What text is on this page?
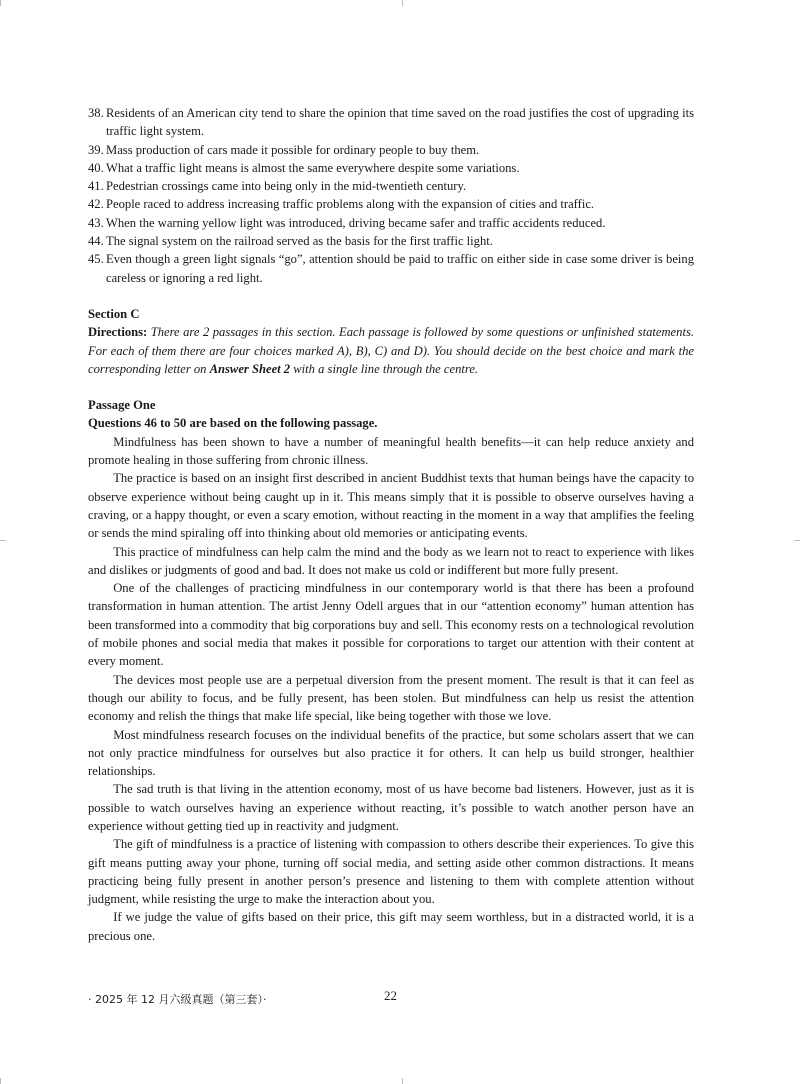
38. Residents of an American city tend to share the opinion that time saved on the road justifies the cost of upgrading its traffic light system.
39. Mass production of cars made it possible for ordinary people to buy them.
40. What a traffic light means is almost the same everywhere despite some variations.
41. Pedestrian crossings came into being only in the mid-twentieth century.
42. People raced to address increasing traffic problems along with the expansion of cities and traffic.
43. When the warning yellow light was introduced, driving became safer and traffic accidents reduced.
44. The signal system on the railroad served as the basis for the first traffic light.
45. Even though a green light signals “go”, attention should be paid to traffic on either side in case some driver is being careless or ignoring a red light.
Section C
Directions: There are 2 passages in this section. Each passage is followed by some questions or unfinished statements. For each of them there are four choices marked A), B), C) and D). You should decide on the best choice and mark the corresponding letter on Answer Sheet 2 with a single line through the centre.
Passage One
Questions 46 to 50 are based on the following passage.

Mindfulness has been shown to have a number of meaningful health benefits—it can help reduce anxiety and promote healing in those suffering from chronic illness.

The practice is based on an insight first described in ancient Buddhist texts that human beings have the capacity to observe experience without being caught up in it. This means simply that it is possible to observe ourselves having a craving, or a happy thought, or even a scary emotion, without reacting in the moment in a way that amplifies the feeling or sends the mind spiraling off into thinking about old memories or anticipating events.

This practice of mindfulness can help calm the mind and the body as we learn not to react to experience with likes and dislikes or judgments of good and bad. It does not make us cold or indifferent but more fully present.

One of the challenges of practicing mindfulness in our contemporary world is that there has been a profound transformation in human attention. The artist Jenny Odell argues that in our “attention economy” human attention has been transformed into a commodity that big corporations buy and sell. This economy rests on a technological revolution of mobile phones and social media that makes it possible for corporations to target our attention with their content at every moment.

The devices most people use are a perpetual diversion from the present moment. The result is that it can feel as though our ability to focus, and be fully present, has been stolen. But mindfulness can help us resist the attention economy and relish the things that make life special, like being together with those we love.

Most mindfulness research focuses on the individual benefits of the practice, but some scholars assert that we can not only practice mindfulness for ourselves but also practice it for others. It can help us build stronger, healthier relationships.

The sad truth is that living in the attention economy, most of us have become bad listeners. However, just as it is possible to watch ourselves having an experience without reacting, it’s possible to watch another person have an experience without getting tied up in reactivity and judgment.

The gift of mindfulness is a practice of listening with compassion to others describe their experiences. To give this gift means putting away your phone, turning off social media, and setting aside other common distractions. It means practicing being fully present in another person’s presence and listening to them with complete attention without judgment, while resisting the urge to make the interaction about you.

If we judge the value of gifts based on their price, this gift may seem worthless, but in a distracted world, it is a precious one.

· 2025 年 12 月六级真题（第三套）·	22
